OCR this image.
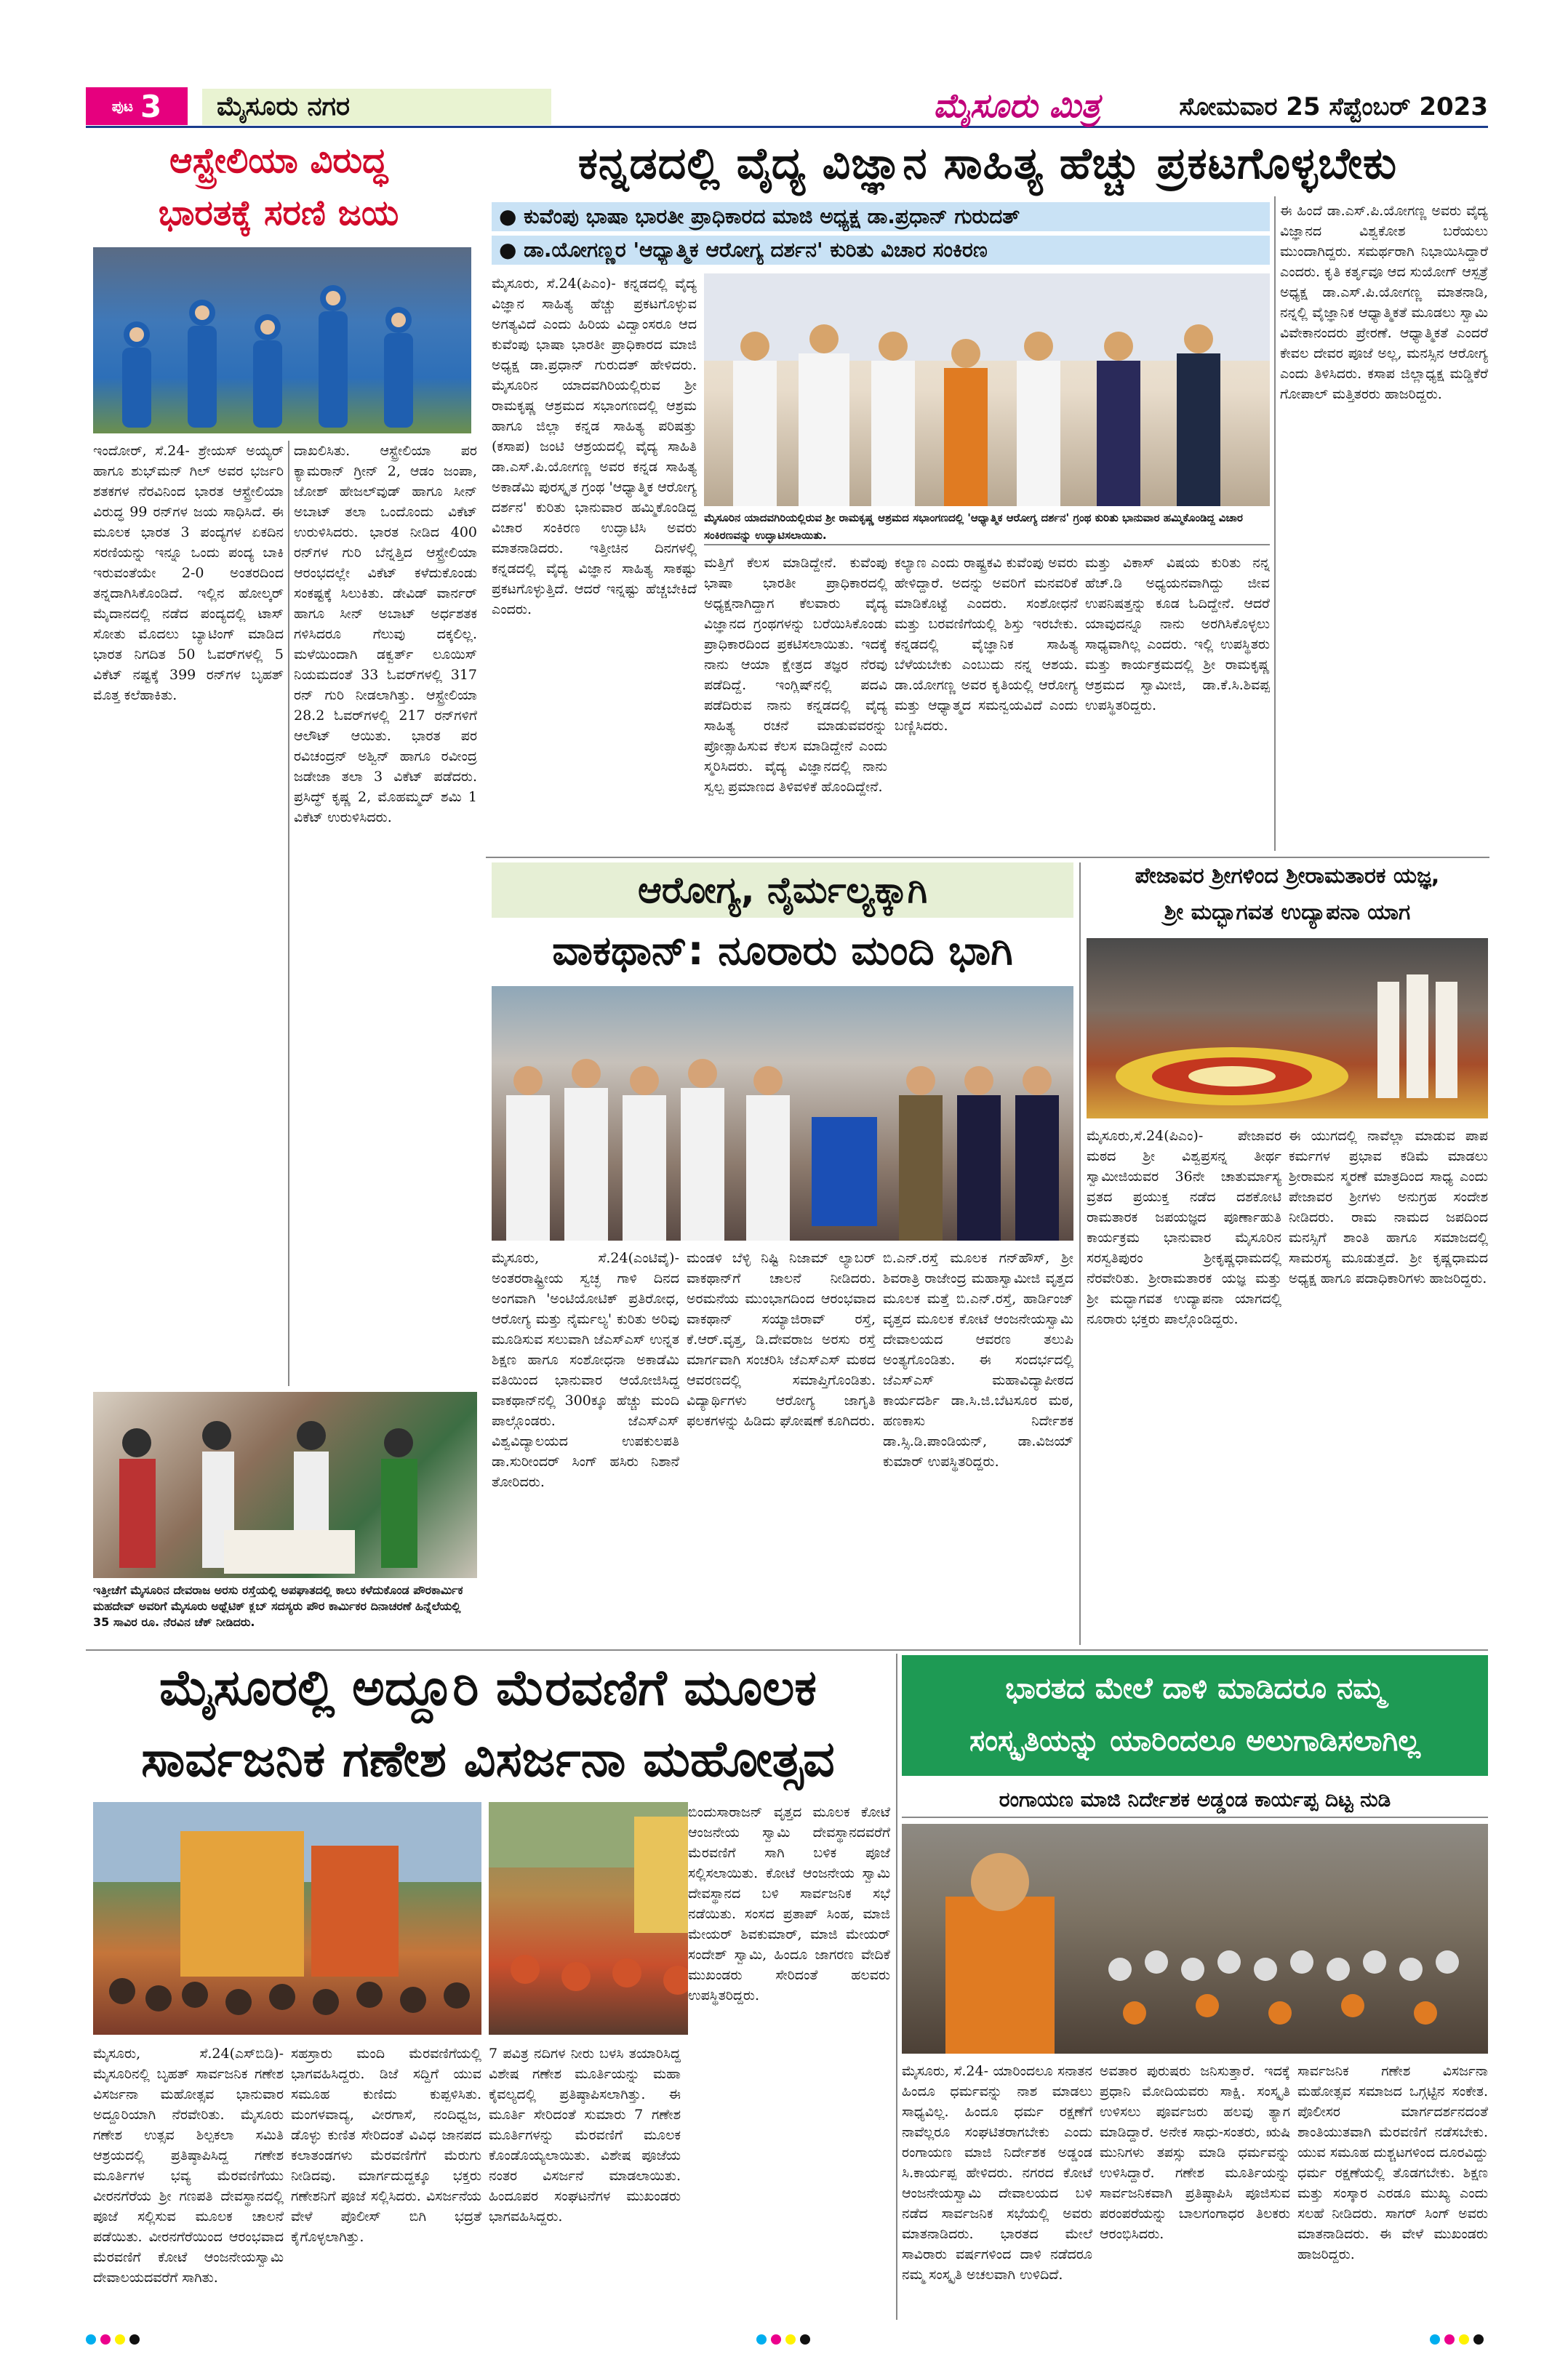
ಪುಟ 3	ಮೈಸೂರು ನಗರ	ಮೈಸೂರು ಮಿತ್ರ	ಸೋಮವಾರ 25 ಸೆಪ್ಟೆಂಬರ್ 2023
ಆಸ್ಟ್ರೇಲಿಯಾ ವಿರುದ್ಧ
ಭಾರತಕ್ಕೆ ಸರಣಿ ಜಯ
ಇಂದೋರ್, ಸೆ.24- ಶ್ರೇಯಸ್ ಅಯ್ಯರ್ ಹಾಗೂ ಶುಭ್‌ಮನ್ ಗಿಲ್ ಅವರ ಭರ್ಜರಿ ಶತಕಗಳ ನೆರವಿನಿಂದ ಭಾರತ ಆಸ್ಟ್ರೇಲಿಯಾ ವಿರುದ್ಧ 99 ರನ್‌ಗಳ ಜಯ ಸಾಧಿಸಿದೆ. ಈ ಮೂಲಕ ಭಾರತ 3 ಪಂದ್ಯಗಳ ಏಕದಿನ ಸರಣಿಯನ್ನು ಇನ್ನೂ ಒಂದು ಪಂದ್ಯ ಬಾಕಿ ಇರುವಂತೆಯೇ 2-0 ಅಂತರದಿಂದ ತನ್ನದಾಗಿಸಿಕೊಂಡಿದೆ. ಇಲ್ಲಿನ ಹೋಲ್ಕರ್ ಮೈದಾನದಲ್ಲಿ ನಡೆದ ಪಂದ್ಯದಲ್ಲಿ ಟಾಸ್ ಸೋತು ಮೊದಲು ಬ್ಯಾಟಿಂಗ್ ಮಾಡಿದ ಭಾರತ ನಿಗದಿತ 50 ಓವರ್‌ಗಳಲ್ಲಿ 5 ವಿಕೆಟ್ ನಷ್ಟಕ್ಕೆ 399 ರನ್‌ಗಳ ಬೃಹತ್ ಮೊತ್ತ ಕಲೆಹಾಕಿತು.
ದಾಖಲಿಸಿತು. ಆಸ್ಟ್ರೇಲಿಯಾ ಪರ ಕ್ಯಾಮರಾನ್ ಗ್ರೀನ್ 2, ಆಡಂ ಜಂಪಾ, ಜೋಶ್ ಹೇಜಲ್‌ವುಡ್ ಹಾಗೂ ಸೀನ್ ಅಬಾಟ್ ತಲಾ ಒಂದೊಂದು ವಿಕೆಟ್ ಉರುಳಿಸಿದರು. ಭಾರತ ನೀಡಿದ 400 ರನ್‌ಗಳ ಗುರಿ ಬೆನ್ನತ್ತಿದ ಆಸ್ಟ್ರೇಲಿಯಾ ಆರಂಭದಲ್ಲೇ ವಿಕೆಟ್ ಕಳೆದುಕೊಂಡು ಸಂಕಷ್ಟಕ್ಕೆ ಸಿಲುಕಿತು. ಡೇವಿಡ್ ವಾರ್ನರ್ ಹಾಗೂ ಸೀನ್ ಅಬಾಟ್ ಅರ್ಧಶತಕ ಗಳಿಸಿದರೂ ಗೆಲುವು ದಕ್ಕಲಿಲ್ಲ. ಮಳೆಯಿಂದಾಗಿ ಡಕ್ವರ್ತ್ ಲೂಯಿಸ್ ನಿಯಮದಂತೆ 33 ಓವರ್‌ಗಳಲ್ಲಿ 317 ರನ್ ಗುರಿ ನೀಡಲಾಗಿತ್ತು. ಆಸ್ಟ್ರೇಲಿಯಾ 28.2 ಓವರ್‌ಗಳಲ್ಲಿ 217 ರನ್‌ಗಳಿಗೆ ಆಲೌಟ್ ಆಯಿತು. ಭಾರತ ಪರ ರವಿಚಂದ್ರನ್ ಅಶ್ವಿನ್ ಹಾಗೂ ರವೀಂದ್ರ ಜಡೇಜಾ ತಲಾ 3 ವಿಕೆಟ್ ಪಡೆದರು. ಪ್ರಸಿದ್ಧ್ ಕೃಷ್ಣ 2, ಮೊಹಮ್ಮದ್ ಶಮಿ 1 ವಿಕೆಟ್ ಉರುಳಿಸಿದರು.
ಇತ್ತೀಚೆಗೆ ಮೈಸೂರಿನ ದೇವರಾಜ ಅರಸು ರಸ್ತೆಯಲ್ಲಿ ಅಪಘಾತದಲ್ಲಿ ಕಾಲು ಕಳೆದುಕೊಂಡ ಪೌರಕಾರ್ಮಿಕ ಮಹದೇವ್ ಅವರಿಗೆ ಮೈಸೂರು ಅಥ್ಲೆಟಿಕ್ ಕ್ಲಬ್ ಸದಸ್ಯರು ಪೌರ ಕಾರ್ಮಿಕರ ದಿನಾಚರಣೆ ಹಿನ್ನೆಲೆಯಲ್ಲಿ 35 ಸಾವಿರ ರೂ. ನೆರವಿನ ಚೆಕ್ ನೀಡಿದರು.
ಕನ್ನಡದಲ್ಲಿ ವೈದ್ಯ ವಿಜ್ಞಾನ ಸಾಹಿತ್ಯ ಹೆಚ್ಚು ಪ್ರಕಟಗೊಳ್ಳಬೇಕು
● ಕುವೆಂಪು ಭಾಷಾ ಭಾರತೀ ಪ್ರಾಧಿಕಾರದ ಮಾಜಿ ಅಧ್ಯಕ್ಷ ಡಾ.ಪ್ರಧಾನ್ ಗುರುದತ್
● ಡಾ.ಯೋಗಣ್ಣರ 'ಆಧ್ಯಾತ್ಮಿಕ ಆರೋಗ್ಯ ದರ್ಶನ' ಕುರಿತು ವಿಚಾರ ಸಂಕಿರಣ
ಮೈಸೂರು, ಸೆ.24(ಪಿಎಂ)- ಕನ್ನಡದಲ್ಲಿ ವೈದ್ಯ ವಿಜ್ಞಾನ ಸಾಹಿತ್ಯ ಹೆಚ್ಚು ಪ್ರಕಟಗೊಳ್ಳುವ ಅಗತ್ಯವಿದೆ ಎಂದು ಹಿರಿಯ ವಿದ್ವಾಂಸರೂ ಆದ ಕುವೆಂಪು ಭಾಷಾ ಭಾರತೀ ಪ್ರಾಧಿಕಾರದ ಮಾಜಿ ಅಧ್ಯಕ್ಷ ಡಾ.ಪ್ರಧಾನ್ ಗುರುದತ್ ಹೇಳಿದರು. ಮೈಸೂರಿನ ಯಾದವಗಿರಿಯಲ್ಲಿರುವ ಶ್ರೀ ರಾಮಕೃಷ್ಣ ಆಶ್ರಮದ ಸಭಾಂಗಣದಲ್ಲಿ ಆಶ್ರಮ ಹಾಗೂ ಜಿಲ್ಲಾ ಕನ್ನಡ ಸಾಹಿತ್ಯ ಪರಿಷತ್ತು (ಕಸಾಪ) ಜಂಟಿ ಆಶ್ರಯದಲ್ಲಿ ವೈದ್ಯ ಸಾಹಿತಿ ಡಾ.ಎಸ್.ಪಿ.ಯೋಗಣ್ಣ ಅವರ ಕನ್ನಡ ಸಾಹಿತ್ಯ ಅಕಾಡೆಮಿ ಪುರಸ್ಕೃತ ಗ್ರಂಥ 'ಆಧ್ಯಾತ್ಮಿಕ ಆರೋಗ್ಯ ದರ್ಶನ' ಕುರಿತು ಭಾನುವಾರ ಹಮ್ಮಿಕೊಂಡಿದ್ದ ವಿಚಾರ ಸಂಕಿರಣ ಉದ್ಘಾಟಿಸಿ ಅವರು ಮಾತನಾಡಿದರು. ಇತ್ತೀಚಿನ ದಿನಗಳಲ್ಲಿ ಕನ್ನಡದಲ್ಲಿ ವೈದ್ಯ ವಿಜ್ಞಾನ ಸಾಹಿತ್ಯ ಸಾಕಷ್ಟು ಪ್ರಕಟಗೊಳ್ಳುತ್ತಿದೆ. ಆದರೆ ಇನ್ನಷ್ಟು ಹೆಚ್ಚಬೇಕಿದೆ ಎಂದರು.
ಮೈಸೂರಿನ ಯಾದವಗಿರಿಯಲ್ಲಿರುವ ಶ್ರೀ ರಾಮಕೃಷ್ಣ ಆಶ್ರಮದ ಸಭಾಂಗಣದಲ್ಲಿ 'ಆಧ್ಯಾತ್ಮಿಕ ಆರೋಗ್ಯ ದರ್ಶನ' ಗ್ರಂಥ ಕುರಿತು ಭಾನುವಾರ ಹಮ್ಮಿಕೊಂಡಿದ್ದ ವಿಚಾರ ಸಂಕಿರಣವನ್ನು ಉದ್ಘಾಟಿಸಲಾಯಿತು.
ಮತ್ತಿಗೆ ಕೆಲಸ ಮಾಡಿದ್ದೇನೆ. ಕುವೆಂಪು ಭಾಷಾ ಭಾರತೀ ಪ್ರಾಧಿಕಾರದಲ್ಲಿ ಅಧ್ಯಕ್ಷನಾಗಿದ್ದಾಗ ಕೆಲವಾರು ವೈದ್ಯ ವಿಜ್ಞಾನದ ಗ್ರಂಥಗಳನ್ನು ಬರೆಯಿಸಿಕೊಂಡು ಪ್ರಾಧಿಕಾರದಿಂದ ಪ್ರಕಟಿಸಲಾಯಿತು. ಇದಕ್ಕೆ ನಾನು ಆಯಾ ಕ್ಷೇತ್ರದ ತಜ್ಞರ ನೆರವು ಪಡೆದಿದ್ದೆ. ಇಂಗ್ಲಿಷ್‌ನಲ್ಲಿ ಪದವಿ ಪಡೆದಿರುವ ನಾನು ಕನ್ನಡದಲ್ಲಿ ವೈದ್ಯ ಸಾಹಿತ್ಯ ರಚನೆ ಮಾಡುವವರನ್ನು ಪ್ರೋತ್ಸಾಹಿಸುವ ಕೆಲಸ ಮಾಡಿದ್ದೇನೆ ಎಂದು ಸ್ಮರಿಸಿದರು. ವೈದ್ಯ ವಿಜ್ಞಾನದಲ್ಲಿ ನಾನು ಸ್ವಲ್ಪ ಪ್ರಮಾಣದ ತಿಳಿವಳಿಕೆ ಹೊಂದಿದ್ದೇನೆ.
ಕಲ್ಯಾಣ ಎಂದು ರಾಷ್ಟ್ರಕವಿ ಕುವೆಂಪು ಅವರು ಹೇಳಿದ್ದಾರೆ. ಅದನ್ನು ಅವರಿಗೆ ಮನವರಿಕೆ ಮಾಡಿಕೊಟ್ಟೆ ಎಂದರು. ಸಂಶೋಧನೆ ಮತ್ತು ಬರವಣಿಗೆಯಲ್ಲಿ ಶಿಸ್ತು ಇರಬೇಕು. ಕನ್ನಡದಲ್ಲಿ ವೈಜ್ಞಾನಿಕ ಸಾಹಿತ್ಯ ಬೆಳೆಯಬೇಕು ಎಂಬುದು ನನ್ನ ಆಶಯ. ಡಾ.ಯೋಗಣ್ಣ ಅವರ ಕೃತಿಯಲ್ಲಿ ಆರೋಗ್ಯ ಮತ್ತು ಆಧ್ಯಾತ್ಮದ ಸಮನ್ವಯವಿದೆ ಎಂದು ಬಣ್ಣಿಸಿದರು.
ಮತ್ತು ವಿಕಾಸ್ ವಿಷಯ ಕುರಿತು ನನ್ನ ಹೆಚ್.ಡಿ ಅಧ್ಯಯನವಾಗಿದ್ದು ಜೀವ ಉಪನಿಷತ್ತನ್ನು ಕೂಡ ಓದಿದ್ದೇನೆ. ಆದರೆ ಯಾವುದನ್ನೂ ನಾನು ಅರಗಿಸಿಕೊಳ್ಳಲು ಸಾಧ್ಯವಾಗಿಲ್ಲ ಎಂದರು. ಇಲ್ಲಿ ಉಪಸ್ಥಿತರು ಮತ್ತು ಕಾರ್ಯಕ್ರಮದಲ್ಲಿ ಶ್ರೀ ರಾಮಕೃಷ್ಣ ಆಶ್ರಮದ ಸ್ವಾಮೀಜಿ, ಡಾ.ಕೆ.ಸಿ.ಶಿವಪ್ಪ ಉಪಸ್ಥಿತರಿದ್ದರು.
ಈ ಹಿಂದೆ ಡಾ.ಎಸ್.ಪಿ.ಯೋಗಣ್ಣ ಅವರು ವೈದ್ಯ ವಿಜ್ಞಾನದ ವಿಶ್ವಕೋಶ ಬರೆಯಲು ಮುಂದಾಗಿದ್ದರು. ಸಮರ್ಥರಾಗಿ ನಿಭಾಯಿಸಿದ್ದಾರೆ ಎಂದರು. ಕೃತಿ ಕರ್ತೃವೂ ಆದ ಸುಯೋಗ್ ಆಸ್ಪತ್ರೆ ಅಧ್ಯಕ್ಷ ಡಾ.ಎಸ್.ಪಿ.ಯೋಗಣ್ಣ ಮಾತನಾಡಿ, ನನ್ನಲ್ಲಿ ವೈಜ್ಞಾನಿಕ ಆಧ್ಯಾತ್ಮಿಕತೆ ಮೂಡಲು ಸ್ವಾಮಿ ವಿವೇಕಾನಂದರು ಪ್ರೇರಣೆ. ಆಧ್ಯಾತ್ಮಿಕತೆ ಎಂದರೆ ಕೇವಲ ದೇವರ ಪೂಜೆ ಅಲ್ಲ, ಮನಸ್ಸಿನ ಆರೋಗ್ಯ ಎಂದು ತಿಳಿಸಿದರು. ಕಸಾಪ ಜಿಲ್ಲಾಧ್ಯಕ್ಷ ಮಡ್ಡಿಕೆರೆ ಗೋಪಾಲ್ ಮತ್ತಿತರರು ಹಾಜರಿದ್ದರು.
ಆರೋಗ್ಯ, ನೈರ್ಮಲ್ಯಕ್ಕಾಗಿ
ವಾಕಥಾನ್: ನೂರಾರು ಮಂದಿ ಭಾಗಿ
ಮೈಸೂರು, ಸೆ.24(ಎಂಟಿವೈ)- ಅಂತರರಾಷ್ಟ್ರೀಯ ಸ್ವಚ್ಛ ಗಾಳಿ ದಿನದ ಅಂಗವಾಗಿ 'ಅಂಟಿಯೋಟಿಕ್ ಪ್ರತಿರೋಧ, ಆರೋಗ್ಯ ಮತ್ತು ನೈರ್ಮಲ್ಯ' ಕುರಿತು ಅರಿವು ಮೂಡಿಸುವ ಸಲುವಾಗಿ ಜೆಎಸ್‌ಎಸ್ ಉನ್ನತ ಶಿಕ್ಷಣ ಹಾಗೂ ಸಂಶೋಧನಾ ಅಕಾಡೆಮಿ ವತಿಯಿಂದ ಭಾನುವಾರ ಆಯೋಜಿಸಿದ್ದ ವಾಕಥಾನ್‌ನಲ್ಲಿ 300ಕ್ಕೂ ಹೆಚ್ಚು ಮಂದಿ ಪಾಲ್ಗೊಂಡರು. ಜೆಎಸ್‌ಎಸ್ ವಿಶ್ವವಿದ್ಯಾಲಯದ ಉಪಕುಲಪತಿ ಡಾ.ಸುರೀಂದರ್ ಸಿಂಗ್ ಹಸಿರು ನಿಶಾನೆ ತೋರಿದರು.
ಮಂಡಳಿ ಬೆಳ್ಳಿ ನಿಷ್ಟಿ ನಿಜಾಮ್ ಲ್ಯಾಬರ್ ವಾಕಥಾನ್‌ಗೆ ಚಾಲನೆ ನೀಡಿದರು. ಅರಮನೆಯ ಮುಂಭಾಗದಿಂದ ಆರಂಭವಾದ ವಾಕಥಾನ್ ಸಯ್ಯಾಜಿರಾವ್ ರಸ್ತೆ, ಕೆ.ಆರ್.ವೃತ್ತ, ಡಿ.ದೇವರಾಜ ಅರಸು ರಸ್ತೆ ಮಾರ್ಗವಾಗಿ ಸಂಚರಿಸಿ ಜೆಎಸ್‌ಎಸ್ ಮಠದ ಆವರಣದಲ್ಲಿ ಸಮಾಪ್ತಿಗೊಂಡಿತು. ವಿದ್ಯಾರ್ಥಿಗಳು ಆರೋಗ್ಯ ಜಾಗೃತಿ ಫಲಕಗಳನ್ನು ಹಿಡಿದು ಘೋಷಣೆ ಕೂಗಿದರು.
ಬಿ.ಎನ್.ರಸ್ತೆ ಮೂಲಕ ಗನ್‌ಹೌಸ್, ಶ್ರೀ ಶಿವರಾತ್ರಿ ರಾಜೇಂದ್ರ ಮಹಾಸ್ವಾಮೀಜಿ ವೃತ್ತದ ಮೂಲಕ ಮತ್ತೆ ಬಿ.ಎನ್.ರಸ್ತೆ, ಹಾರ್ಡಿಂಜ್ ವೃತ್ತದ ಮೂಲಕ ಕೋಟೆ ಆಂಜನೇಯಸ್ವಾಮಿ ದೇವಾಲಯದ ಆವರಣ ತಲುಪಿ ಅಂತ್ಯಗೊಂಡಿತು. ಈ ಸಂದರ್ಭದಲ್ಲಿ ಜೆಎಸ್‌ಎಸ್ ಮಹಾವಿದ್ಯಾಪೀಠದ ಕಾರ್ಯದರ್ಶಿ ಡಾ.ಸಿ.ಜಿ.ಬೆಟಸೂರ ಮಠ, ಹಣಕಾಸು ನಿರ್ದೇಶಕ ಡಾ.ಸ್ಸಿ.ಡಿ.ಪಾಂಡಿಯನ್, ಡಾ.ವಿಜಯ್ ಕುಮಾರ್ ಉಪಸ್ಥಿತರಿದ್ದರು.
ಪೇಜಾವರ ಶ್ರೀಗಳಿಂದ ಶ್ರೀರಾಮತಾರಕ ಯಜ್ಞ,
ಶ್ರೀ ಮದ್ಭಾಗವತ ಉದ್ಯಾಪನಾ ಯಾಗ
ಮೈಸೂರು,ಸೆ.24(ಪಿಎಂ)- ಪೇಜಾವರ ಮಠದ ಶ್ರೀ ವಿಶ್ವಪ್ರಸನ್ನ ತೀರ್ಥ ಸ್ವಾಮೀಜಿಯವರ 36ನೇ ಚಾತುರ್ಮಾಸ್ಯ ವ್ರತದ ಪ್ರಯುಕ್ತ ನಡೆದ ದಶಕೋಟಿ ರಾಮತಾರಕ ಜಪಯಜ್ಞದ ಪೂರ್ಣಾಹುತಿ ಕಾರ್ಯಕ್ರಮ ಭಾನುವಾರ ಮೈಸೂರಿನ ಸರಸ್ವತಿಪುರಂ ಶ್ರೀಕೃಷ್ಣಧಾಮದಲ್ಲಿ ನೆರವೇರಿತು. ಶ್ರೀರಾಮತಾರಕ ಯಜ್ಞ ಮತ್ತು ಶ್ರೀ ಮದ್ಭಾಗವತ ಉದ್ಯಾಪನಾ ಯಾಗದಲ್ಲಿ ನೂರಾರು ಭಕ್ತರು ಪಾಲ್ಗೊಂಡಿದ್ದರು.
ಈ ಯುಗದಲ್ಲಿ ನಾವೆಲ್ಲಾ ಮಾಡುವ ಪಾಪ ಕರ್ಮಗಳ ಪ್ರಭಾವ ಕಡಿಮೆ ಮಾಡಲು ಶ್ರೀರಾಮನ ಸ್ಮರಣೆ ಮಾತ್ರದಿಂದ ಸಾಧ್ಯ ಎಂದು ಪೇಜಾವರ ಶ್ರೀಗಳು ಅನುಗ್ರಹ ಸಂದೇಶ ನೀಡಿದರು. ರಾಮ ನಾಮದ ಜಪದಿಂದ ಮನಸ್ಸಿಗೆ ಶಾಂತಿ ಹಾಗೂ ಸಮಾಜದಲ್ಲಿ ಸಾಮರಸ್ಯ ಮೂಡುತ್ತದೆ. ಶ್ರೀ ಕೃಷ್ಣಧಾಮದ ಅಧ್ಯಕ್ಷ ಹಾಗೂ ಪದಾಧಿಕಾರಿಗಳು ಹಾಜರಿದ್ದರು.
ಮೈಸೂರಲ್ಲಿ ಅದ್ದೂರಿ ಮೆರವಣಿಗೆ ಮೂಲಕ
ಸಾರ್ವಜನಿಕ ಗಣೇಶ ವಿಸರ್ಜನಾ ಮಹೋತ್ಸವ
ಮೈಸೂರು, ಸೆ.24(ಎಸ್‌ಬಿಡಿ)- ಮೈಸೂರಿನಲ್ಲಿ ಬೃಹತ್ ಸಾರ್ವಜನಿಕ ಗಣೇಶ ವಿಸರ್ಜನಾ ಮಹೋತ್ಸವ ಭಾನುವಾರ ಅದ್ದೂರಿಯಾಗಿ ನೆರವೇರಿತು. ಮೈಸೂರು ಗಣೇಶ ಉತ್ಸವ ಶಿಲ್ಪಕಲಾ ಸಮಿತಿ ಆಶ್ರಯದಲ್ಲಿ ಪ್ರತಿಷ್ಠಾಪಿಸಿದ್ದ ಗಣೇಶ ಮೂರ್ತಿಗಳ ಭವ್ಯ ಮೆರವಣಿಗೆಯು ವೀರನಗೆರೆಯ ಶ್ರೀ ಗಣಪತಿ ದೇವಸ್ಥಾನದಲ್ಲಿ ಪೂಜೆ ಸಲ್ಲಿಸುವ ಮೂಲಕ ಚಾಲನೆ ಪಡೆಯಿತು. ವೀರನಗೆರೆಯಿಂದ ಆರಂಭವಾದ ಮೆರವಣಿಗೆ ಕೋಟೆ ಆಂಜನೇಯಸ್ವಾಮಿ ದೇವಾಲಯದವರೆಗೆ ಸಾಗಿತು.
ಸಹಸ್ರಾರು ಮಂದಿ ಮೆರವಣಿಗೆಯಲ್ಲಿ ಭಾಗವಹಿಸಿದ್ದರು. ಡಿಜೆ ಸದ್ದಿಗೆ ಯುವ ಸಮೂಹ ಕುಣಿದು ಕುಪ್ಪಳಿಸಿತು. ಮಂಗಳವಾದ್ಯ, ವೀರಗಾಸೆ, ನಂದಿಧ್ವಜ, ಡೊಳ್ಳು ಕುಣಿತ ಸೇರಿದಂತೆ ವಿವಿಧ ಜಾನಪದ ಕಲಾತಂಡಗಳು ಮೆರವಣಿಗೆಗೆ ಮೆರುಗು ನೀಡಿದವು. ಮಾರ್ಗದುದ್ದಕ್ಕೂ ಭಕ್ತರು ಗಣೇಶನಿಗೆ ಪೂಜೆ ಸಲ್ಲಿಸಿದರು. ವಿಸರ್ಜನೆಯ ವೇಳೆ ಪೊಲೀಸ್ ಬಿಗಿ ಭದ್ರತೆ ಕೈಗೊಳ್ಳಲಾಗಿತ್ತು.
7 ಪವಿತ್ರ ನದಿಗಳ ನೀರು ಬಳಸಿ ತಯಾರಿಸಿದ್ದ ವಿಶೇಷ ಗಣೇಶ ಮೂರ್ತಿಯನ್ನು ಮಹಾ ಕೈವಲ್ಯದಲ್ಲಿ ಪ್ರತಿಷ್ಠಾಪಿಸಲಾಗಿತ್ತು. ಈ ಮೂರ್ತಿ ಸೇರಿದಂತೆ ಸುಮಾರು 7 ಗಣೇಶ ಮೂರ್ತಿಗಳನ್ನು ಮೆರವಣಿಗೆ ಮೂಲಕ ಕೊಂಡೊಯ್ಯಲಾಯಿತು. ವಿಶೇಷ ಪೂಜೆಯ ನಂತರ ವಿಸರ್ಜನೆ ಮಾಡಲಾಯಿತು. ಹಿಂದೂಪರ ಸಂಘಟನೆಗಳ ಮುಖಂಡರು ಭಾಗವಹಿಸಿದ್ದರು.
ಬಿಂದುಸಾರಾಜನ್ ವೃತ್ತದ ಮೂಲಕ ಕೋಟೆ ಆಂಜನೇಯ ಸ್ವಾಮಿ ದೇವಸ್ಥಾನದವರೆಗೆ ಮೆರವಣಿಗೆ ಸಾಗಿ ಬಳಿಕ ಪೂಜೆ ಸಲ್ಲಿಸಲಾಯಿತು. ಕೋಟೆ ಆಂಜನೇಯ ಸ್ವಾಮಿ ದೇವಸ್ಥಾನದ ಬಳಿ ಸಾರ್ವಜನಿಕ ಸಭೆ ನಡೆಯಿತು. ಸಂಸದ ಪ್ರತಾಪ್ ಸಿಂಹ, ಮಾಜಿ ಮೇಯರ್ ಶಿವಕುಮಾರ್, ಮಾಜಿ ಮೇಯರ್ ಸಂದೇಶ್ ಸ್ವಾಮಿ, ಹಿಂದೂ ಜಾಗರಣ ವೇದಿಕೆ ಮುಖಂಡರು ಸೇರಿದಂತೆ ಹಲವರು ಉಪಸ್ಥಿತರಿದ್ದರು.
ಭಾರತದ ಮೇಲೆ ದಾಳಿ ಮಾಡಿದರೂ ನಮ್ಮ
ಸಂಸ್ಕೃತಿಯನ್ನು ಯಾರಿಂದಲೂ ಅಲುಗಾಡಿಸಲಾಗಿಲ್ಲ
ರಂಗಾಯಣ ಮಾಜಿ ನಿರ್ದೇಶಕ ಅಡ್ಡಂಡ ಕಾರ್ಯಪ್ಪ ದಿಟ್ಟ ನುಡಿ
ಮೈಸೂರು, ಸೆ.24- ಯಾರಿಂದಲೂ ಸನಾತನ ಹಿಂದೂ ಧರ್ಮವನ್ನು ನಾಶ ಮಾಡಲು ಸಾಧ್ಯವಿಲ್ಲ. ಹಿಂದೂ ಧರ್ಮ ರಕ್ಷಣೆಗೆ ನಾವೆಲ್ಲರೂ ಸಂಘಟಿತರಾಗಬೇಕು ಎಂದು ರಂಗಾಯಣ ಮಾಜಿ ನಿರ್ದೇಶಕ ಅಡ್ಡಂಡ ಸಿ.ಕಾರ್ಯಪ್ಪ ಹೇಳಿದರು. ನಗರದ ಕೋಟೆ ಆಂಜನೇಯಸ್ವಾಮಿ ದೇವಾಲಯದ ಬಳಿ ನಡೆದ ಸಾರ್ವಜನಿಕ ಸಭೆಯಲ್ಲಿ ಅವರು ಮಾತನಾಡಿದರು. ಭಾರತದ ಮೇಲೆ ಸಾವಿರಾರು ವರ್ಷಗಳಿಂದ ದಾಳಿ ನಡೆದರೂ ನಮ್ಮ ಸಂಸ್ಕೃತಿ ಅಚಲವಾಗಿ ಉಳಿದಿದೆ.
ಅವತಾರ ಪುರುಷರು ಜನಿಸುತ್ತಾರೆ. ಇದಕ್ಕೆ ಪ್ರಧಾನಿ ಮೋದಿಯವರು ಸಾಕ್ಷಿ. ಸಂಸ್ಕೃತಿ ಉಳಿಸಲು ಪೂರ್ವಜರು ಹಲವು ತ್ಯಾಗ ಮಾಡಿದ್ದಾರೆ. ಅನೇಕ ಸಾಧು-ಸಂತರು, ಋಷಿ ಮುನಿಗಳು ತಪಸ್ಸು ಮಾಡಿ ಧರ್ಮವನ್ನು ಉಳಿಸಿದ್ದಾರೆ. ಗಣೇಶ ಮೂರ್ತಿಯನ್ನು ಸಾರ್ವಜನಿಕವಾಗಿ ಪ್ರತಿಷ್ಠಾಪಿಸಿ ಪೂಜಿಸುವ ಪರಂಪರೆಯನ್ನು ಬಾಲಗಂಗಾಧರ ತಿಲಕರು ಆರಂಭಿಸಿದರು.
ಸಾರ್ವಜನಿಕ ಗಣೇಶ ವಿಸರ್ಜನಾ ಮಹೋತ್ಸವ ಸಮಾಜದ ಒಗ್ಗಟ್ಟಿನ ಸಂಕೇತ. ಪೊಲೀಸರ ಮಾರ್ಗದರ್ಶನದಂತೆ ಶಾಂತಿಯುತವಾಗಿ ಮೆರವಣಿಗೆ ನಡೆಸಬೇಕು. ಯುವ ಸಮೂಹ ದುಶ್ಚಟಗಳಿಂದ ದೂರವಿದ್ದು ಧರ್ಮ ರಕ್ಷಣೆಯಲ್ಲಿ ತೊಡಗಬೇಕು. ಶಿಕ್ಷಣ ಮತ್ತು ಸಂಸ್ಕಾರ ಎರಡೂ ಮುಖ್ಯ ಎಂದು ಸಲಹೆ ನೀಡಿದರು. ಸಾಗರ್ ಸಿಂಗ್ ಅವರು ಮಾತನಾಡಿದರು. ಈ ವೇಳೆ ಮುಖಂಡರು ಹಾಜರಿದ್ದರು.
